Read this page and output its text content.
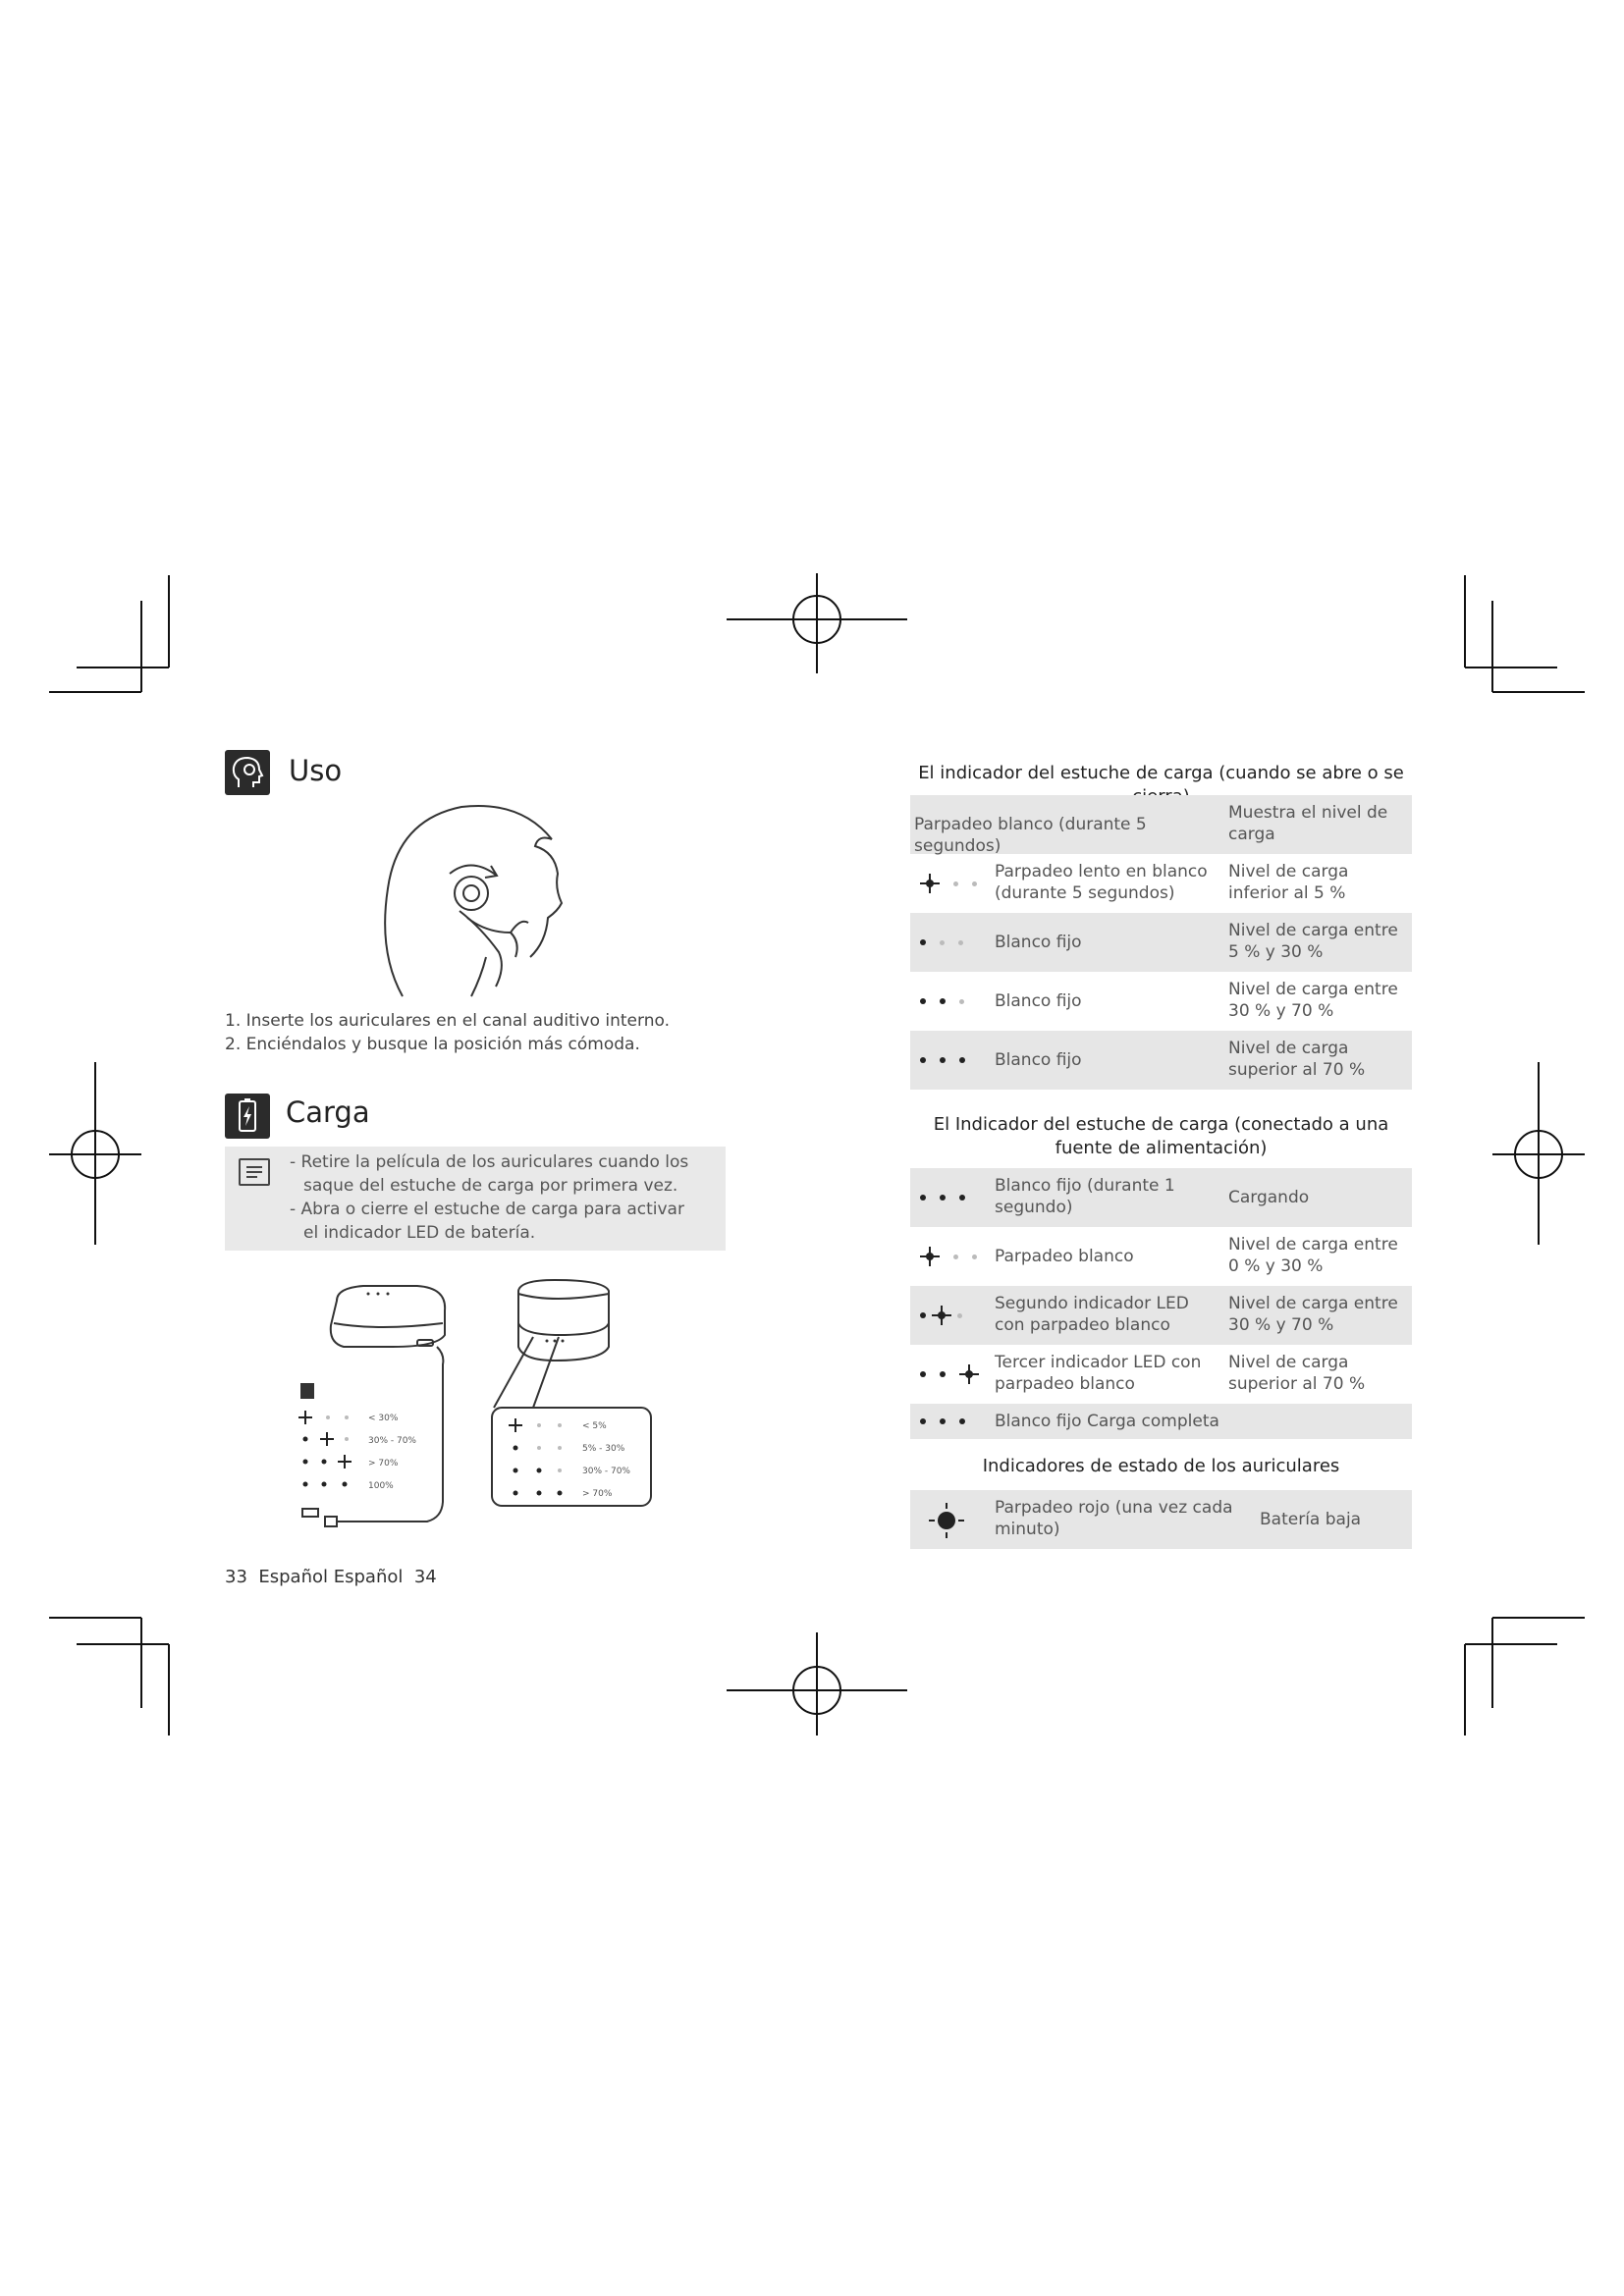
Uso
1. Inserte los auriculares en el canal auditivo interno.
2. Enciéndalos y busque la posición más cómoda.
Carga
- Retire la película de los auriculares cuando los saque del estuche de carga por primera vez.
- Abra o cierre el estuche de carga para activar el indicador LED de batería.
< 30%
30% - 70%
> 70%
100%
< 5%
5% - 30%
30% - 70%
> 70%
33 Español Español 34
El indicador del estuche de carga (cuando se abre o se
Parpadeo blanco (durante 5 segundos)
Muestra el nivel de carga
Parpadeo lento en blanco (durante 5 segundos)
Nivel de carga inferior al 5 %
Blanco fijo
Nivel de carga entre 5 % y 30 %
Blanco fijo
Nivel de carga entre 30 % y 70 %
Blanco fijo
Nivel de carga superior al 70 %
El Indicador del estuche de carga (conectado a una fuente de alimentación)
Blanco fijo (durante 1 segundo)	Cargando
Parpadeo blanco
Nivel de carga entre 0 % y 30 %
Segundo indicador LED con parpadeo blanco
Nivel de carga entre 30 % y 70 %
Tercer indicador LED con parpadeo blanco
Nivel de carga superior al 70 %
Blanco fijo Carga completa
Indicadores de estado de los auriculares
Parpadeo rojo (una vez cada minuto)	Batería baja
